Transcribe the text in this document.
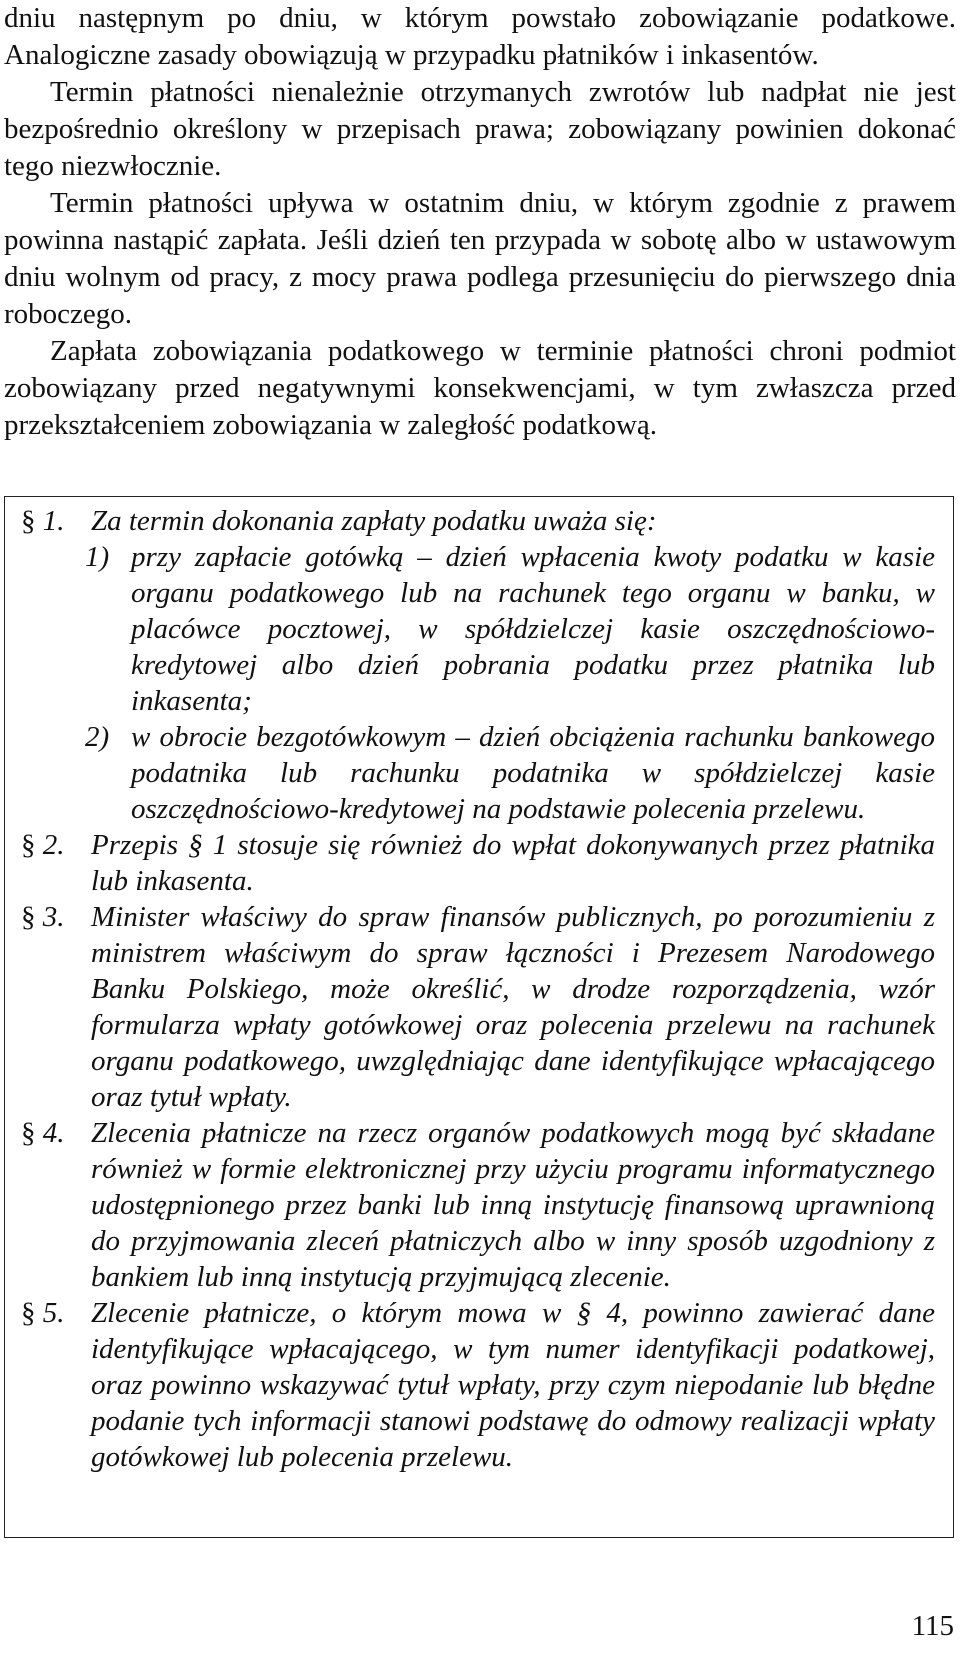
dniu następnym po dniu, w którym powstało zobowiązanie podatkowe. Analogiczne zasady obowiązują w przypadku płatników i inkasentów.

Termin płatności nienależnie otrzymanych zwrotów lub nadpłat nie jest bezpośrednio określony w przepisach prawa; zobowiązany powinien dokonać tego niezwłocznie.

Termin płatności upływa w ostatnim dniu, w którym zgodnie z prawem powinna nastąpić zapłata. Jeśli dzień ten przypada w sobotę albo w ustawowym dniu wolnym od pracy, z mocy prawa podlega przesunięciu do pierwszego dnia roboczego.

Zapłata zobowiązania podatkowego w terminie płatności chroni podmiot zobowiązany przed negatywnymi konsekwencjami, w tym zwłaszcza przed przekształceniem zobowiązania w zaległość podatkową.

§ 1. Za termin dokonania zapłaty podatku uważa się:
1) przy zapłacie gotówką – dzień wpłacenia kwoty podatku w kasie organu podatkowego lub na rachunek tego organu w banku, w placówce pocztowej, w spółdzielczej kasie oszczędnościowo-kredytowej albo dzień pobrania podatku przez płatnika lub inkasenta;
2) w obrocie bezgotówkowym – dzień obciążenia rachunku bankowego podatnika lub rachunku podatnika w spółdzielczej kasie oszczędnościowo-kredytowej na podstawie polecenia przelewu.
§ 2. Przepis § 1 stosuje się również do wpłat dokonywanych przez płatnika lub inkasenta.
§ 3. Minister właściwy do spraw finansów publicznych, po porozumieniu z ministrem właściwym do spraw łączności i Prezesem Narodowego Banku Polskiego, może określić, w drodze rozporządzenia, wzór formularza wpłaty gotówkowej oraz polecenia przelewu na rachunek organu podatkowego, uwzględniając dane identyfikujące wpłacającego oraz tytuł wpłaty.
§ 4. Zlecenia płatnicze na rzecz organów podatkowych mogą być składane również w formie elektronicznej przy użyciu programu informatycznego udostępnionego przez banki lub inną instytucję finansową uprawnioną do przyjmowania zleceń płatniczych albo w inny sposób uzgodniony z bankiem lub inną instytucją przyjmującą zlecenie.
§ 5. Zlecenie płatnicze, o którym mowa w § 4, powinno zawierać dane identyfikujące wpłacającego, w tym numer identyfikacji podatkowej, oraz powinno wskazywać tytuł wpłaty, przy czym niepodanie lub błędne podanie tych informacji stanowi podstawę do odmowy realizacji wpłaty gotówkowej lub polecenia przelewu.
115
